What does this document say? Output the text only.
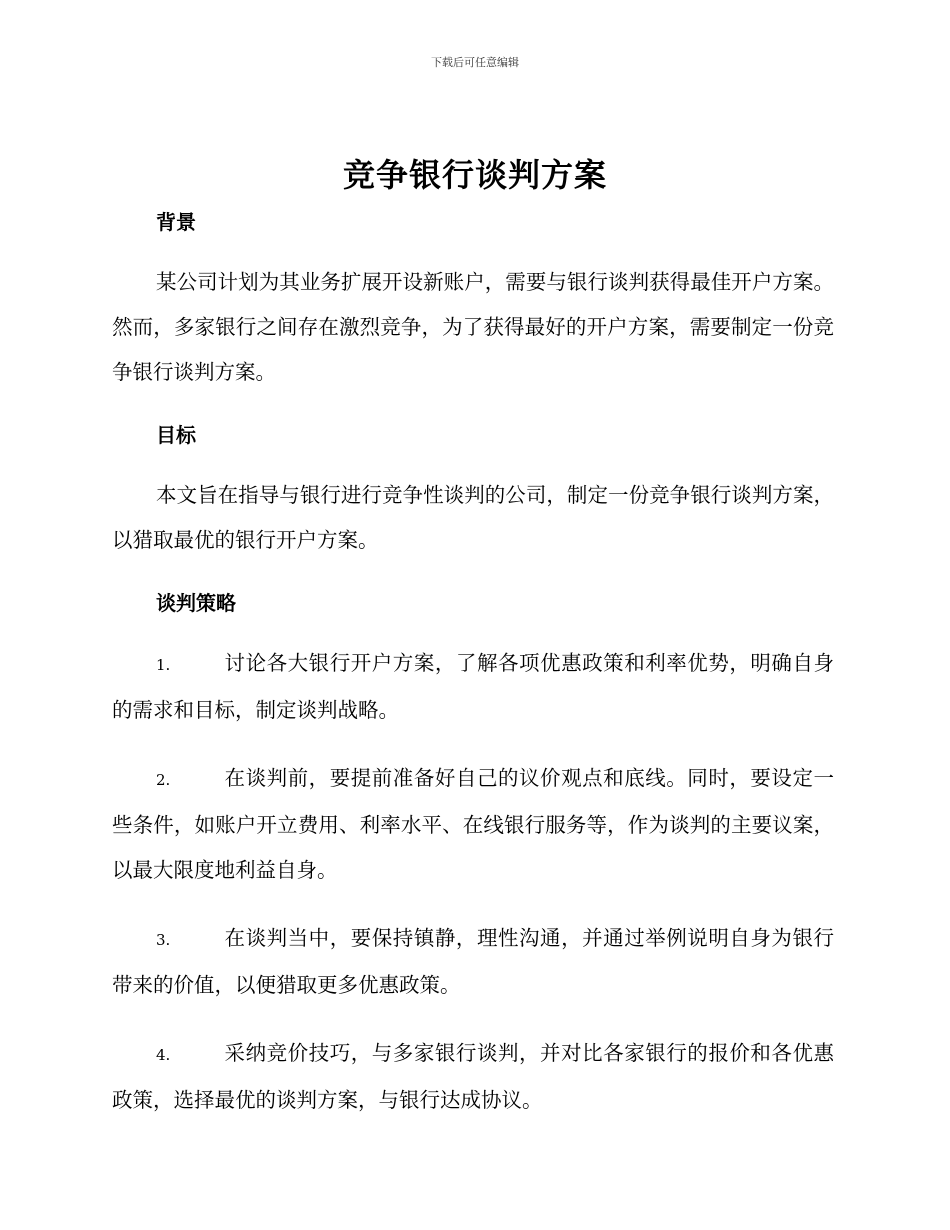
下载后可任意编辑
竞争银行谈判方案

背景

某公司计划为其业务扩展开设新账户，需要与银行谈判获得最佳开户方案。然而，多家银行之间存在激烈竞争，为了获得最好的开户方案，需要制定一份竞争银行谈判方案。

目标

本文旨在指导与银行进行竞争性谈判的公司，制定一份竞争银行谈判方案，以猎取最优的银行开户方案。

谈判策略

1.	讨论各大银行开户方案，了解各项优惠政策和利率优势，明确自身的需求和目标，制定谈判战略。

2.	在谈判前，要提前准备好自己的议价观点和底线。同时，要设定一些条件，如账户开立费用、利率水平、在线银行服务等，作为谈判的主要议案，以最大限度地利益自身。

3.	在谈判当中，要保持镇静，理性沟通，并通过举例说明自身为银行带来的价值，以便猎取更多优惠政策。

4.	采纳竞价技巧，与多家银行谈判，并对比各家银行的报价和各优惠政策，选择最优的谈判方案，与银行达成协议。
